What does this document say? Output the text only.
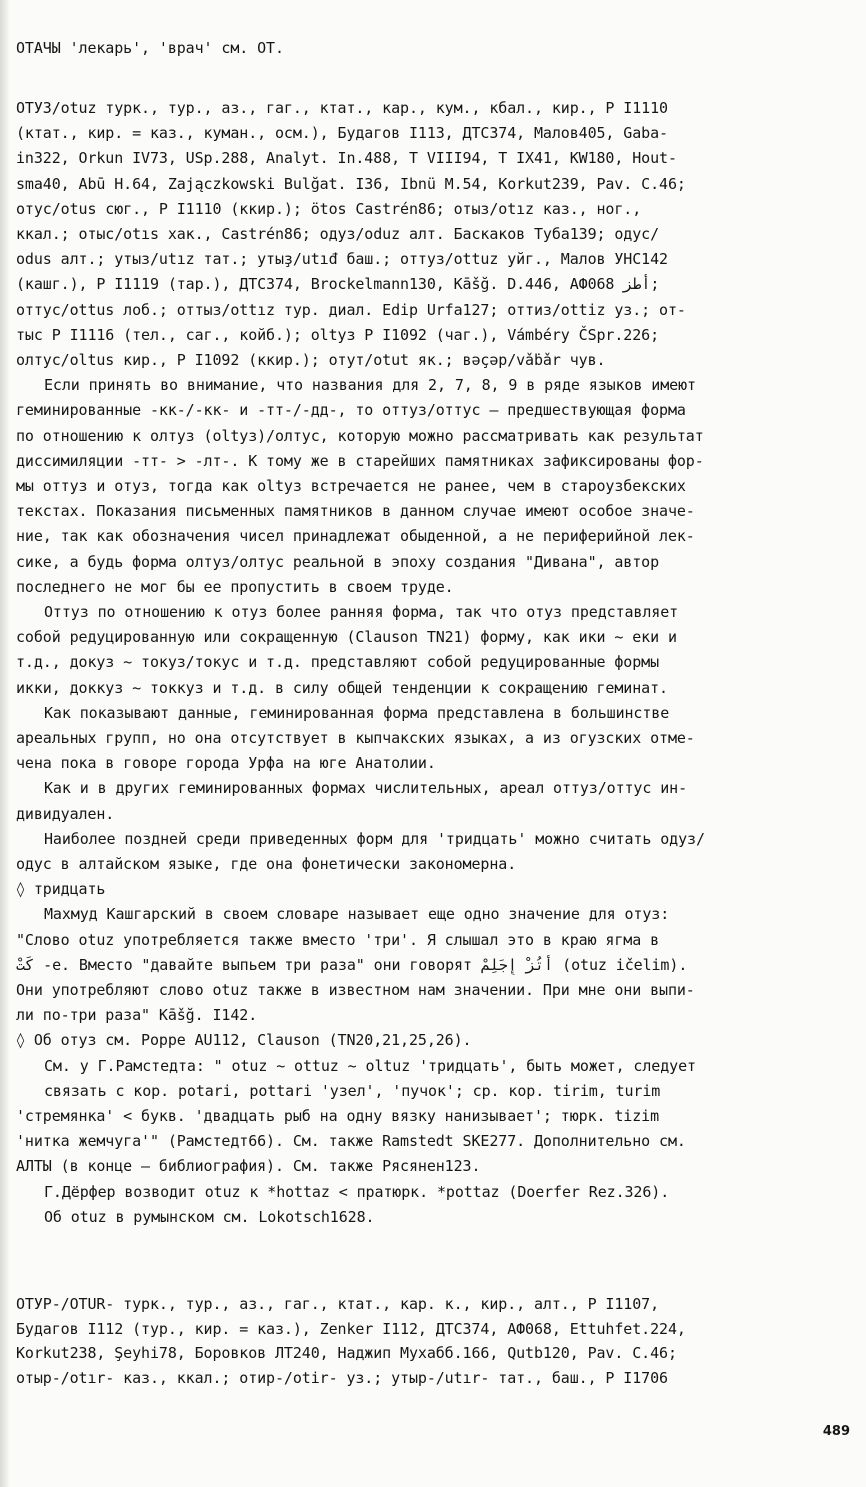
ОТАЧЫ 'лекарь', 'врач' см. ОТ.
ОТУЗ/otuz турк., тур., аз., гаг., ктат., кар., кум., кбал., кир., P I1110
(ктат., кир. = каз., куман., осм.), Будагов I113, ДТС374, Малов405, Gaba-
in322, Orkun IV73, USp.288, Analyt. In.488, T VIII94, T IX41, KW180, Hout-
sma40, Abū H.64, Zajączkowski Bulğat. I36, Ibnü M.54, Korkut239, Pav. C.46;
отус/otus сюг., P I1110 (ккир.); ötos Castrén86; отыз/otız каз., ног.,
ккал.; отыс/otıs хак., Castrén86; одуз/oduz алт. Баскаков Туба139; одус/
odus алт.; утыз/utız тат.; утыҙ/utıđ баш.; оттуз/ottuz уйг., Малов УНС142
(кашг.), P I1119 (тар.), ДТС374, Brockelmann130, Kāšğ. D.446, АФ068 أطز;
оттус/ottus лоб.; оттыз/ottız тур. диал. Ediр Urfa127; оттиз/ottiz уз.; от-
тыс P I1116 (тел., саг., койб.); oltуз P I1092 (чаг.), Vámbéry ČSpr.226;
олтус/oltus кир., P I1092 (ккир.); отут/otut як.; вәҫәр/vǎḃǎr чув.
Если принять во внимание, что названия для 2, 7, 8, 9 в ряде языков имеют
геминированные -кк-/-кк- и -тт-/-дд-, то оттуз/оттус – предшествующая форма
по отношению к олтуз (oltуз)/олтус, которую можно рассматривать как результат
диссимиляции -тт- > -лт-. К тому же в старейших памятниках зафиксированы фор-
мы оттуз и отуз, тогда как oltуз встречается не ранее, чем в староузбекских
текстах. Показания письменных памятников в данном случае имеют особое значе-
ние, так как обозначения чисел принадлежат обыденной, а не периферийной лек-
сике, а будь форма олтуз/олтус реальной в эпоху создания "Дивана", автор
последнего не мог бы ее пропустить в своем труде.
Оттуз по отношению к отуз более ранняя форма, так что отуз представляет
собой редуцированную или сокращенную (Clauson TN21) форму, как ики ~ еки и
т.д., докуз ~ токуз/токус и т.д. представляют собой редуцированные формы
икки, доккуз ~ токкуз и т.д. в силу общей тенденции к сокращению геминат.
Как показывают данные, геминированная форма представлена в большинстве
ареальных групп, но она отсутствует в кыпчакских языках, а из огузских отме-
чена пока в говоре города Урфа на юге Анатолии.
Как и в других геминированных формах числительных, ареал оттуз/оттус ин-
дивидуален.
Наиболее поздней среди приведенных форм для 'тридцать' можно считать одуз/
одус в алтайском языке, где она фонетически закономерна.
◊ тридцать
Махмуд Кашгарский в своем словаре называет еще одно значение для отуз:
"Слово otuz употребляется также вместо 'три'. Я слышал это в краю ягма в
كَتْ -е. Вместо "давайте выпьем три раза" они говорят أُتُزْ إِجَلِمْ (otuz ičelim).
Они употребляют слово otuz также в известном нам значении. При мне они выпи-
ли по-три раза" Kāšğ. I142.
◊ Об отуз см. Poppe AU112, Clauson (TN20,21,25,26).
См. у Г.Рамстедта: " otuz ~ ottuz ~ oltuz 'тридцать', быть может, следует
связать с кор. potari, pottari 'узел', 'пучок'; ср. кор. tirim, turim
'стремянка' < букв. 'двадцать рыб на одну вязку нанизывает'; тюрк. tizim
'нитка жемчуга'" (Рамстедт66). См. также Ramstedt SKE277. Дополнительно см.
АЛТЫ (в конце – библиография). См. также Рясянен123.
Г.Дёрфер возводит otuz к *hottaz < пратюрк. *pottaz (Doerfer Rez.326).
Об otuz в румынском см. Lokotsch1628.
ОТУР-/OTUR- турк., тур., аз., гаг., ктат., кар. к., кир., алт., P I1107,
Будагов I112 (тур., кир. = каз.), Zenker I112, ДТС374, АФ068, Ettuhfet.224,
Korkut238, Şeyhi78, Боровков ЛТ240, Наджип Мухабб.166, Qutb120, Pav. C.46;
отыр-/otır- каз., ккал.; отир-/otir- уз.; утыр-/utır- тат., баш., P I1706
489
